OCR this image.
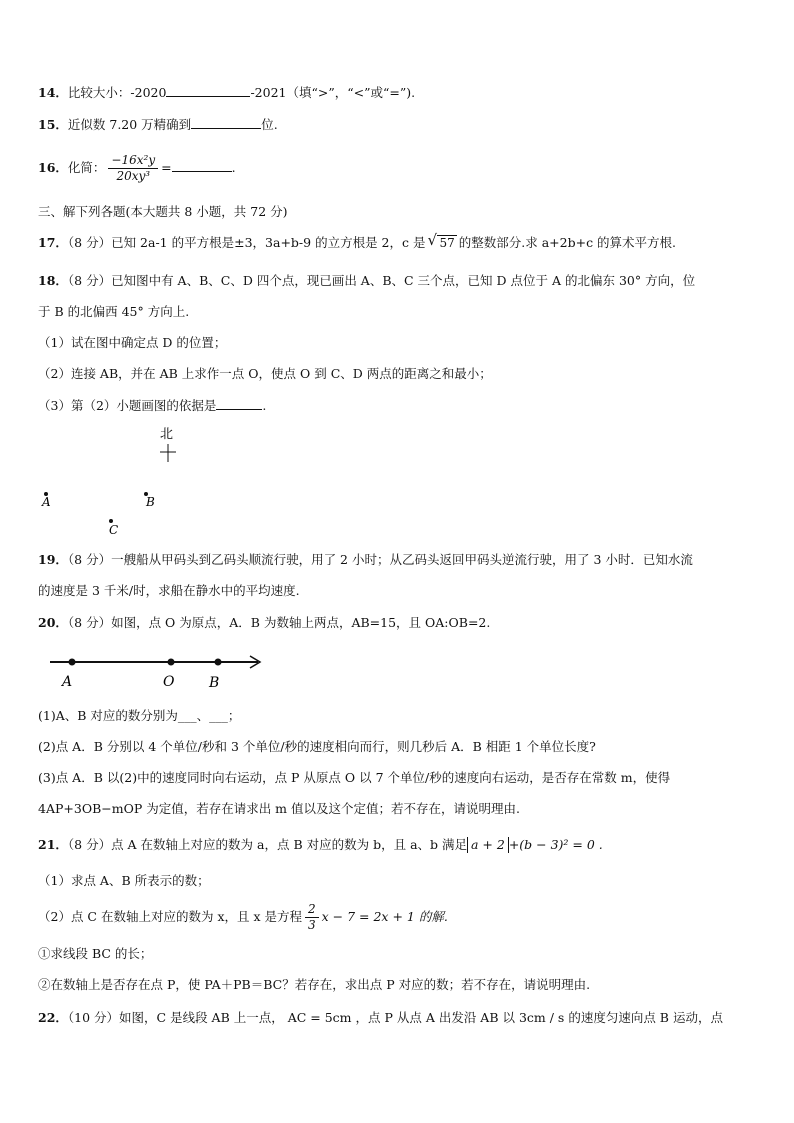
14．比较大小：-2020	-2021（填“>”，“<”或“=”).
15．近似数 7.20 万精确到	位.
16．化简： $\frac{\text{−16x²y}}{\text{20xy³}}$ =	.
三、解下列各题(本大题共 8 小题，共 72 分)
17．（8 分）已知 2a-1 的平方根是±3，3a+b-9 的立方根是 2，c 是 √ 57 的整数部分.求 a+2b+c 的算术平方根.
18．（8 分）已知图中有 A、B、C、D 四个点，现已画出 A、B、C 三个点，已知 D 点位于 A 的北偏东 30° 方向，位
于 B 的北偏西 45° 方向上.
（1）试在图中确定点 D 的位置；
（2）连接 AB，并在 AB 上求作一点 O，使点 O 到 C、D 两点的距离之和最小；
（3）第（2）小题画图的依据是	.
北
A	B
C
19．（8 分）一艘船从甲码头到乙码头顺流行驶，用了 2 小时；从乙码头返回甲码头逆流行驶，用了 3 小时．已知水流
的速度是 3 千米/时，求船在静水中的平均速度.
20．（8 分）如图，点 O 为原点，A．B 为数轴上两点，AB=15，且 OA:OB=2.
A	O B
(1)A、B 对应的数分别为___、___；
(2)点 A．B 分别以 4 个单位/秒和 3 个单位/秒的速度相向而行，则几秒后 A．B 相距 1 个单位长度?
(3)点 A．B 以(2)中的速度同时向右运动，点 P 从原点 O 以 7 个单位/秒的速度向右运动，是否存在常数 m，使得
4AP+3OB−mOP 为定值，若存在请求出 m 值以及这个定值；若不存在，请说明理由.
21．（8 分）点 A 在数轴上对应的数为 a，点 B 对应的数为 b，且 a、b 满足 a + 2 +(b − 3)² = 0 .
（1）求点 A、B 所表示的数；
（2）点 C 在数轴上对应的数为 x，且 x 是方程 $\frac{2}{3}$ x − 7 = 2x + 1 的解.
①求线段 BC 的长；
②在数轴上是否存在点 P，使 PA＋PB＝BC？若存在，求出点 P 对应的数；若不存在，请说明理由.
22．（10 分）如图，C 是线段 AB 上一点， AC = 5cm ，点 P 从点 A 出发沿 AB 以 3cm / s 的速度匀速向点 B 运动，点
